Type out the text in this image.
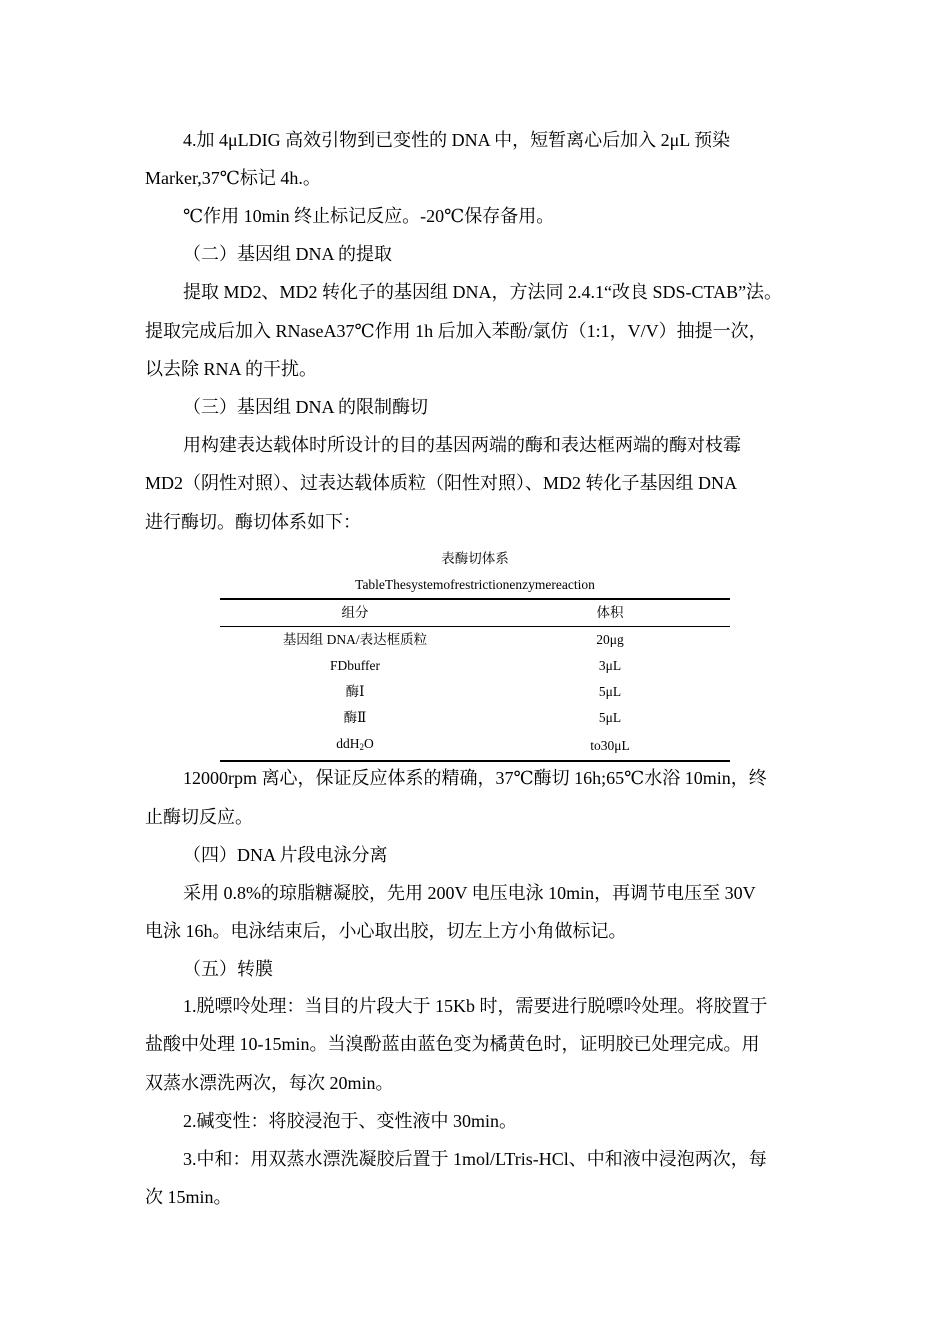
4.加 4μLDIG 高效引物到已变性的 DNA 中，短暂离心后加入 2μL 预染
Marker,37℃标记 4h.。
℃作用 10min 终止标记反应。-20℃保存备用。
（二）基因组 DNA 的提取
提取 MD2、MD2 转化子的基因组 DNA，方法同 2.4.1“改良 SDS-CTAB”法。
提取完成后加入 RNaseA37℃作用 1h 后加入苯酚/氯仿（1:1，V/V）抽提一次，
以去除 RNA 的干扰。
（三）基因组 DNA 的限制酶切
用构建表达载体时所设计的目的基因两端的酶和表达框两端的酶对枝霉
MD2（阴性对照）、过表达载体质粒（阳性对照）、MD2 转化子基因组 DNA
进行酶切。酶切体系如下：
表酶切体系
TableThesystemofrestrictionenzymereaction
组分	体积
基因组 DNA/表达框质粒	20μg
FDbuffer	3μL
酶Ⅰ	5μL
酶Ⅱ	5μL
ddH$_2$O	to30μL
12000rpm 离心，保证反应体系的精确，37℃酶切 16h;65℃水浴 10min，终
止酶切反应。
（四）DNA 片段电泳分离
采用 0.8%的琼脂糖凝胶，先用 200V 电压电泳 10min，再调节电压至 30V
电泳 16h。电泳结束后，小心取出胶，切左上方小角做标记。
（五）转膜
1.脱嘌呤处理：当目的片段大于 15Kb 时，需要进行脱嘌呤处理。将胶置于
盐酸中处理 10-15min。当溴酚蓝由蓝色变为橘黄色时，证明胶已处理完成。用
双蒸水漂洗两次，每次 20min。
2.碱变性：将胶浸泡于、变性液中 30min。
3.中和：用双蒸水漂洗凝胶后置于 1mol/LTris-HCl、中和液中浸泡两次，每
次 15min。
